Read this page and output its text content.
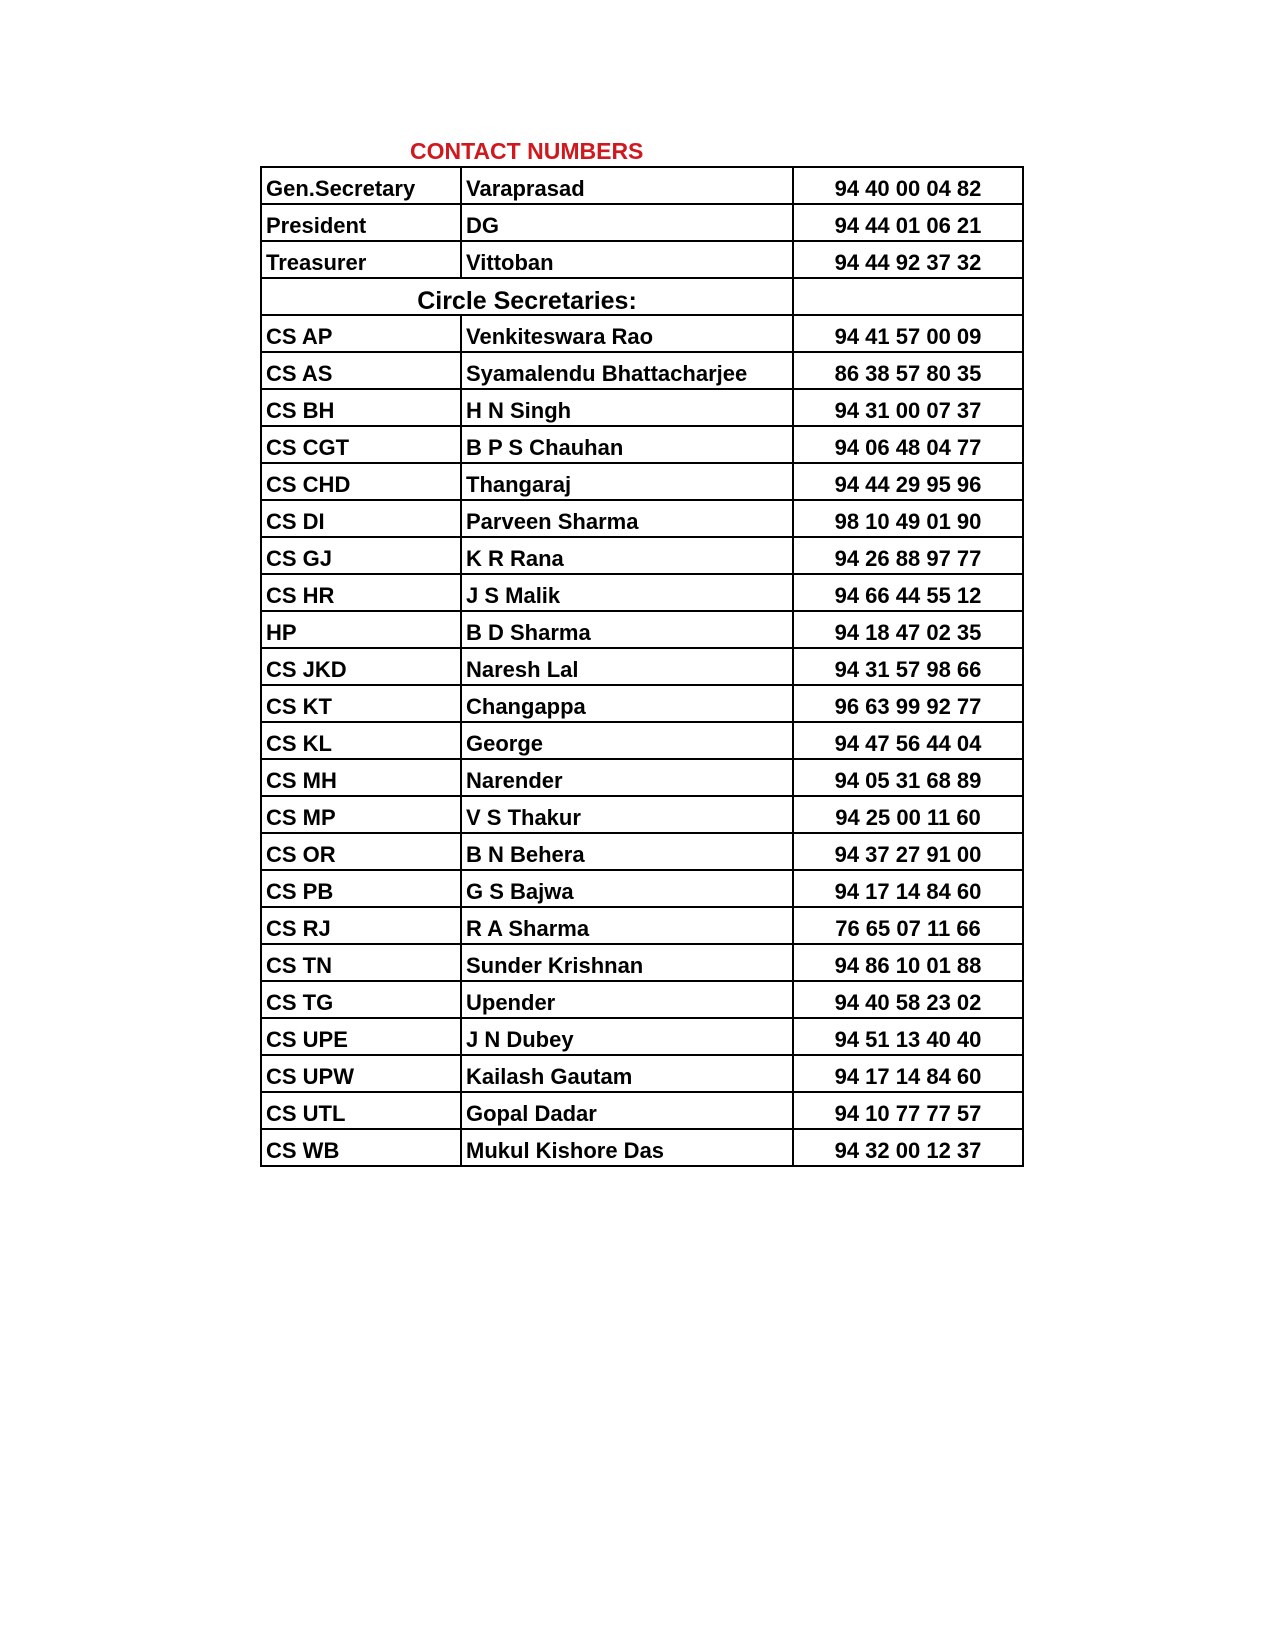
CONTACT NUMBERS
Gen.Secretary	Varaprasad	94 40 00 04 82
President	DG	94 44 01 06 21
Treasurer	Vittoban	94 44 92 37 32
Circle Secretaries:		
CS AP	Venkiteswara Rao	94 41 57 00 09
CS AS	Syamalendu Bhattacharjee	86 38 57 80 35
CS BH	H N Singh	94 31 00 07 37
CS CGT	B P S Chauhan	94 06 48 04 77
CS CHD	Thangaraj	94 44 29 95 96
CS DI	Parveen Sharma	98 10 49 01 90
CS GJ	K R Rana	94 26 88 97 77
CS HR	J S Malik	94 66 44 55 12
HP	B D Sharma	94 18 47 02 35
CS JKD	Naresh Lal	94 31 57 98 66
CS KT	Changappa	96 63 99 92 77
CS KL	George	94 47 56 44 04
CS MH	Narender	94 05 31 68 89
CS MP	V S Thakur	94 25 00 11 60
CS OR	B N Behera	94 37 27 91 00
CS PB	G S Bajwa	94 17 14 84 60
CS RJ	R A Sharma	76 65 07 11 66
CS TN	Sunder Krishnan	94 86 10 01 88
CS TG	Upender	94 40 58 23 02
CS UPE	J N Dubey	94 51 13 40 40
CS UPW	Kailash Gautam	94 17 14 84 60
CS UTL	Gopal Dadar	94 10 77 77 57
CS WB	Mukul Kishore Das	94 32 00 12 37
